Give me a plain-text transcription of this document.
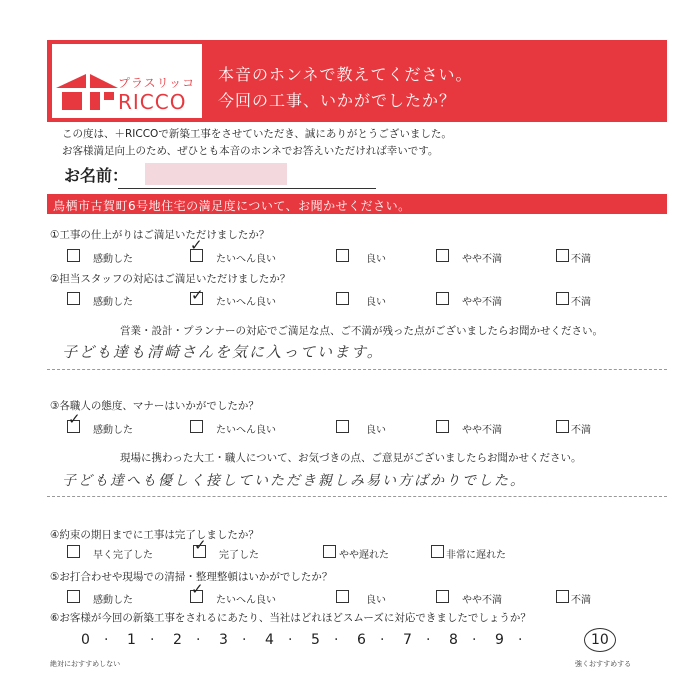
プラスリッコ
RICCO
本音のホンネで教えてください。
今回の工事、いかがでしたか？
この度は、＋RICCOで新築工事をさせていただき、誠にありがとうございました。
お客様満足向上のため、ぜひとも本音のホンネでお答えいただければ幸いです。
お名前：
鳥栖市古賀町6号地住宅の満足度について、お聞かせください。
①工事の仕上がりはご満足いただけましたか？
感動した
✓
たいへん良い	良い	やや不満	不満
②担当スタッフの対応はご満足いただけましたか？
感動した	✓ たいへん良い	良い	やや不満	不満
営業・設計・プランナーの対応でご満足な点、ご不満が残った点がございましたらお聞かせください。
子ども達も清崎さんを気に入っています。
③各職人の態度、マナーはいかがでしたか？
✓
感動した	たいへん良い	良い	やや不満	不満
現場に携わった大工・職人について、お気づきの点、ご意見がございましたらお聞かせください。
子ども達へも優しく接していただき親しみ易い方ばかりでした。
④約束の期日までに工事は完了しましたか？
早く完了した
✓
完了した	やや遅れた	非常に遅れた
⑤お打合わせや現場での清掃・整理整頓はいかがでしたか？
感動した
✓
たいへん良い	良い	やや不満	不満
⑥お客様が今回の新築工事をされるにあたり、当社はどれほどスムーズに対応できましたでしょうか？
0 · 1 · 2 · 3 · 4 · 5 · 6 · 7 · 8 · 9 ·	10
絶対におすすめしない	強くおすすめする
